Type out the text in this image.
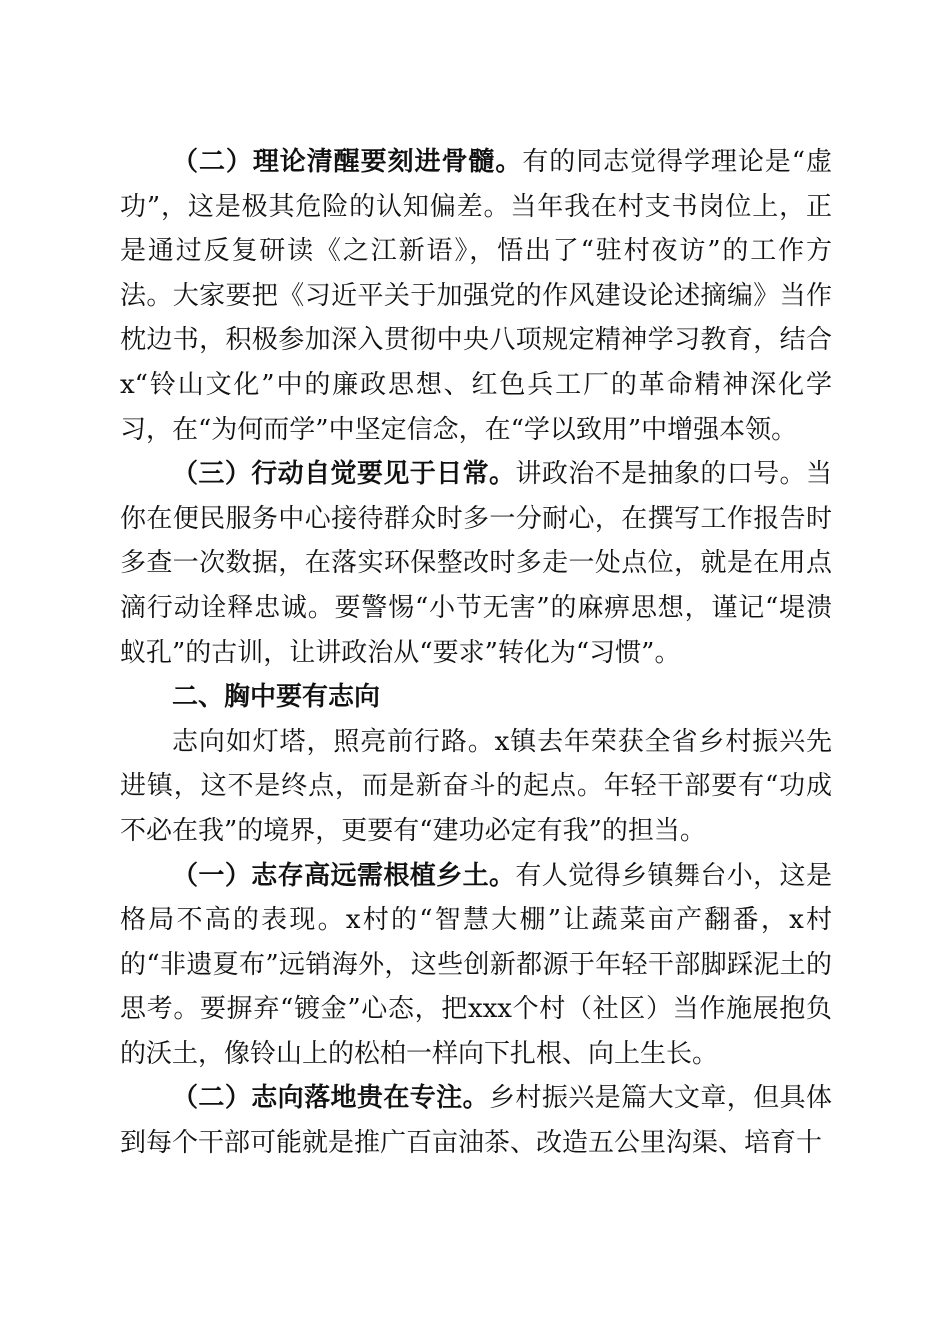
（二）理论清醒要刻进骨髓。有的同志觉得学理论是“虚功”，这是极其危险的认知偏差。当年我在村支书岗位上，正是通过反复研读《之江新语》，悟出了“驻村夜访”的工作方法。大家要把《习近平关于加强党的作风建设论述摘编》当作枕边书，积极参加深入贯彻中央八项规定精神学习教育，结合x“铃山文化”中的廉政思想、红色兵工厂的革命精神深化学习，在“为何而学”中坚定信念，在“学以致用”中增强本领。

（三）行动自觉要见于日常。讲政治不是抽象的口号。当你在便民服务中心接待群众时多一分耐心，在撰写工作报告时多查一次数据，在落实环保整改时多走一处点位，就是在用点滴行动诠释忠诚。要警惕“小节无害”的麻痹思想，谨记“堤溃蚁孔”的古训，让讲政治从“要求”转化为“习惯”。

二、胸中要有志向

志向如灯塔，照亮前行路。x镇去年荣获全省乡村振兴先进镇，这不是终点，而是新奋斗的起点。年轻干部要有“功成不必在我”的境界，更要有“建功必定有我”的担当。

（一）志存高远需根植乡土。有人觉得乡镇舞台小，这是格局不高的表现。x村的“智慧大棚”让蔬菜亩产翻番，x村的“非遗夏布”远销海外，这些创新都源于年轻干部脚踩泥土的思考。要摒弃“镀金”心态，把xxx个村（社区）当作施展抱负的沃土，像铃山上的松柏一样向下扎根、向上生长。

（二）志向落地贵在专注。乡村振兴是篇大文章，但具体到每个干部可能就是推广百亩油茶、改造五公里沟渠、培育十
